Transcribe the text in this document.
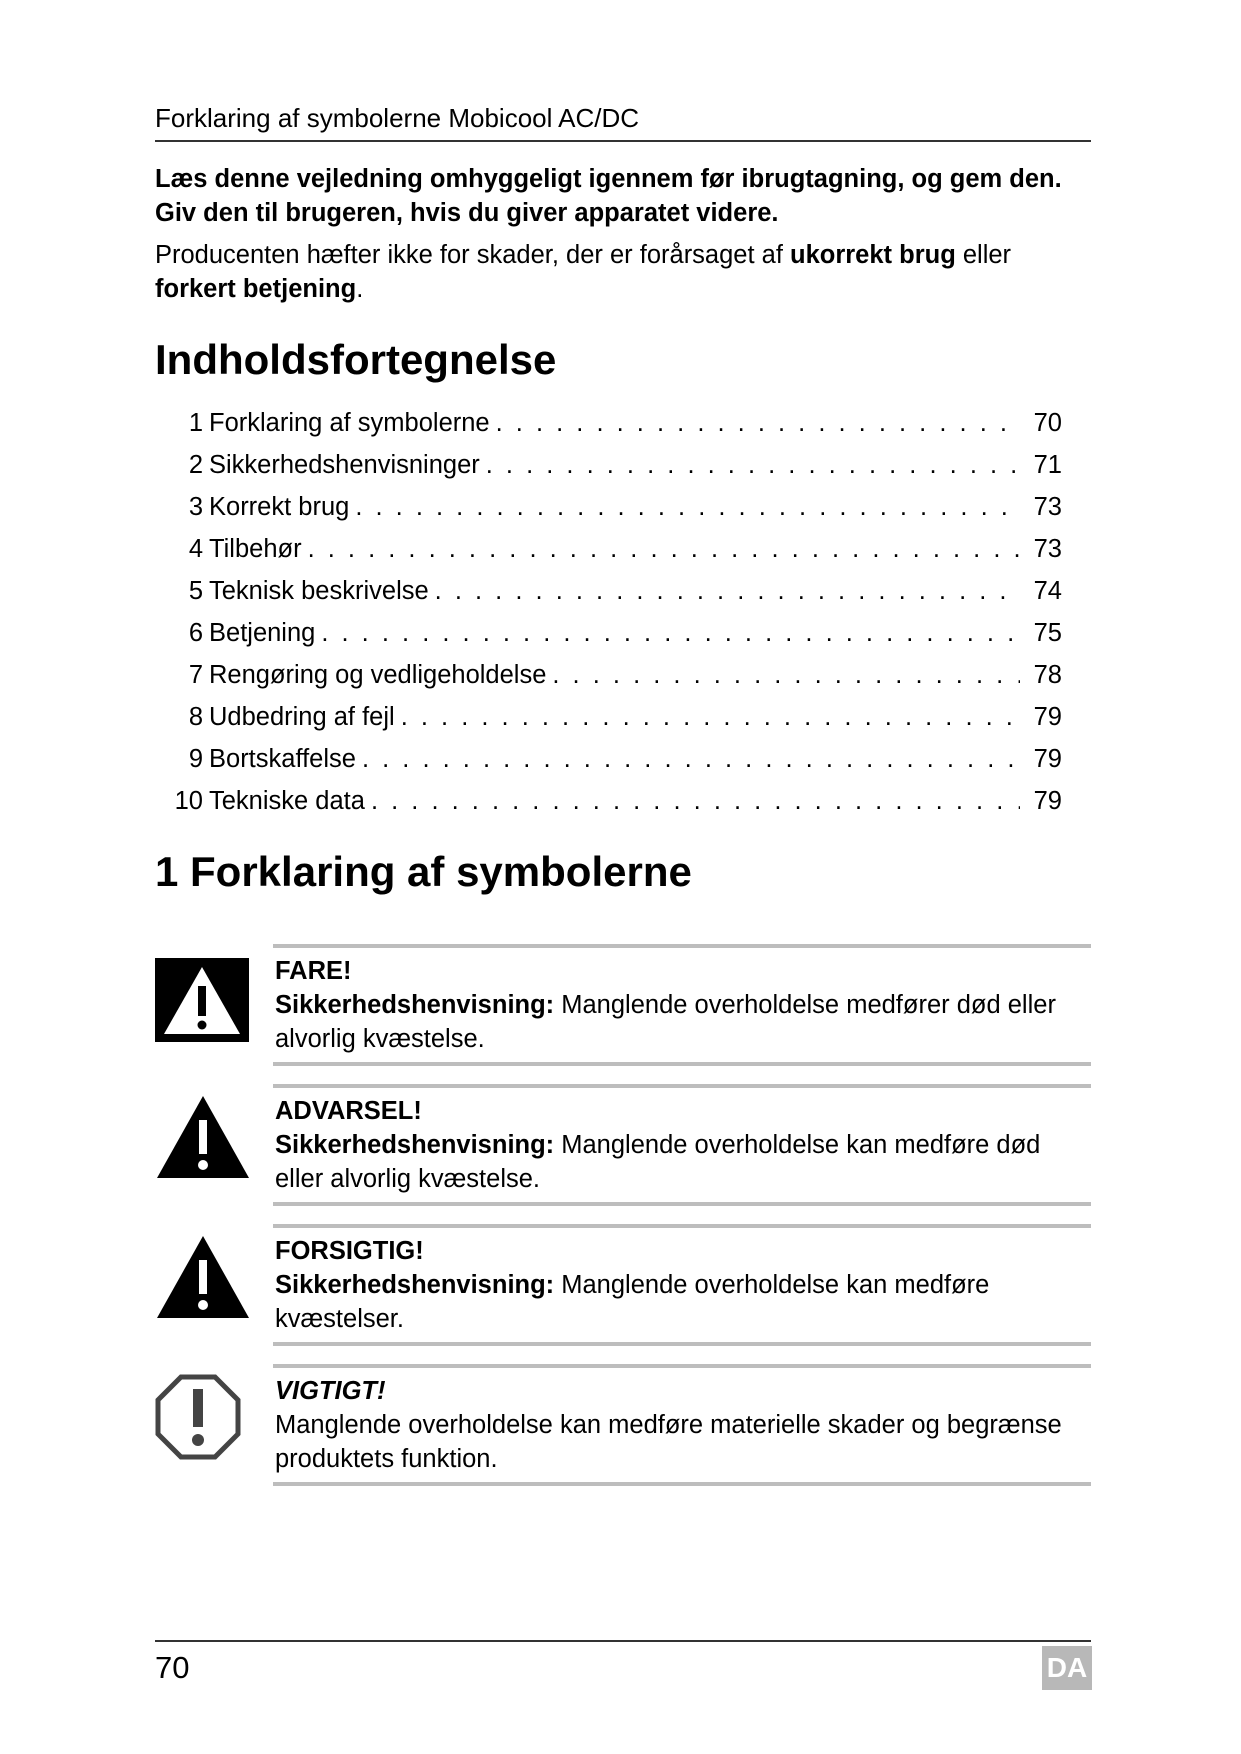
Forklaring af symbolerne Mobicool AC/DC
Læs denne vejledning omhyggeligt igennem før ibrugtagning, og gem den. Giv den til brugeren, hvis du giver apparatet videre.
Producenten hæfter ikke for skader, der er forårsaget af ukorrekt brug eller forkert betjening.
Indholdsfortegnelse
1 Forklaring af symbolerne . . .	70
2 Sikkerhedshenvisninger . . .	71
3 Korrekt brug . . .	73
4 Tilbehør . . .	73
5 Teknisk beskrivelse . . .	74
6 Betjening . . .	75
7 Rengøring og vedligeholdelse . . .	78
8 Udbedring af fejl . . .	79
9 Bortskaffelse . . .	79
10 Tekniske data . . .	79
1 Forklaring af symbolerne
FARE!
Sikkerhedshenvisning: Manglende overholdelse medfører død eller alvorlig kvæstelse.
ADVARSEL!
Sikkerhedshenvisning: Manglende overholdelse kan medføre død eller alvorlig kvæstelse.
FORSIGTIG!
Sikkerhedshenvisning: Manglende overholdelse kan medføre kvæstelser.
VIGTIGT!
Manglende overholdelse kan medføre materielle skader og begrænse produktets funktion.
70	DA
